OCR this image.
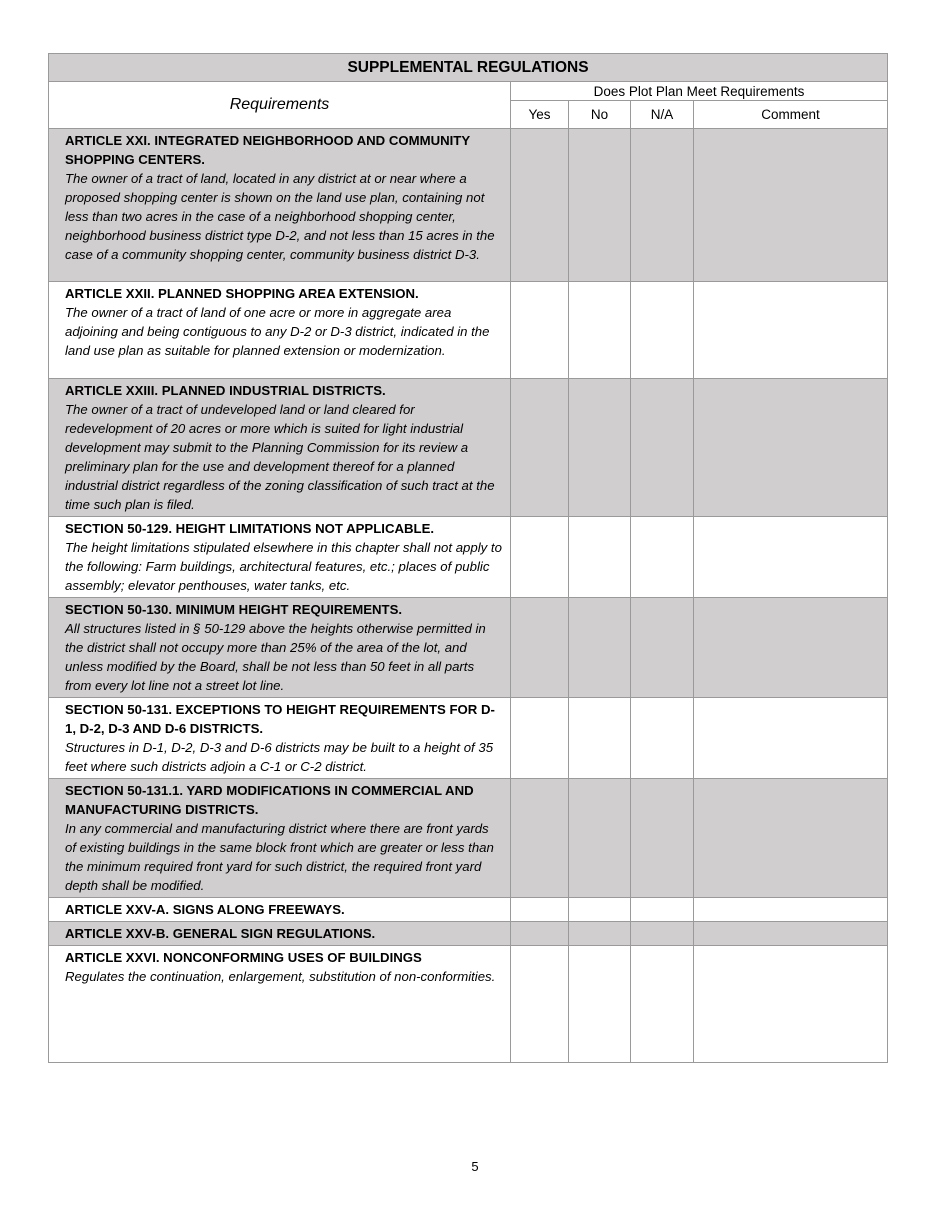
SUPPLEMENTAL REGULATIONS				
Requirements	Does Plot Plan Meet Requirements			
	Yes	No	N/A	Comment

ARTICLE XXI. INTEGRATED NEIGHBORHOOD AND COMMUNITY SHOPPING CENTERS.
The owner of a tract of land, located in any district at or near where a proposed shopping center is shown on the land use plan, containing not less than two acres in the case of a neighborhood shopping center, neighborhood business district type D-2, and not less than 15 acres in the case of a community shopping center, community business district D-3.				

ARTICLE XXII. PLANNED SHOPPING AREA EXTENSION.
The owner of a tract of land of one acre or more in aggregate area adjoining and being contiguous to any D-2 or D-3 district, indicated in the land use plan as suitable for planned extension or modernization.				

ARTICLE XXIII. PLANNED INDUSTRIAL DISTRICTS.
The owner of a tract of undeveloped land or land cleared for redevelopment of 20 acres or more which is suited for light industrial development may submit to the Planning Commission for its review a preliminary plan for the use and development thereof for a planned industrial district regardless of the zoning classification of such tract at the time such plan is filed.				

SECTION 50-129. HEIGHT LIMITATIONS NOT APPLICABLE.
The height limitations stipulated elsewhere in this chapter shall not apply to the following: Farm buildings, architectural features, etc.; places of public assembly; elevator penthouses, water tanks, etc.				

SECTION 50-130. MINIMUM HEIGHT REQUIREMENTS.
All structures listed in § 50-129 above the heights otherwise permitted in the district shall not occupy more than 25% of the area of the lot, and unless modified by the Board, shall be not less than 50 feet in all parts from every lot line not a street lot line.				

SECTION 50-131. EXCEPTIONS TO HEIGHT REQUIREMENTS FOR D-1, D-2, D-3 AND D-6 DISTRICTS.
Structures in D-1, D-2, D-3 and D-6 districts may be built to a height of 35 feet where such districts adjoin a C-1 or C-2 district.				

SECTION 50-131.1. YARD MODIFICATIONS IN COMMERCIAL AND MANUFACTURING DISTRICTS.
In any commercial and manufacturing district where there are front yards of existing buildings in the same block front which are greater or less than the minimum required front yard for such district, the required front yard depth shall be modified.				

ARTICLE XXV-A. SIGNS ALONG FREEWAYS.				

ARTICLE XXV-B. GENERAL SIGN REGULATIONS.				

ARTICLE XXVI. NONCONFORMING USES OF BUILDINGS
Regulates the continuation, enlargement, substitution of non-conformities.				

5
